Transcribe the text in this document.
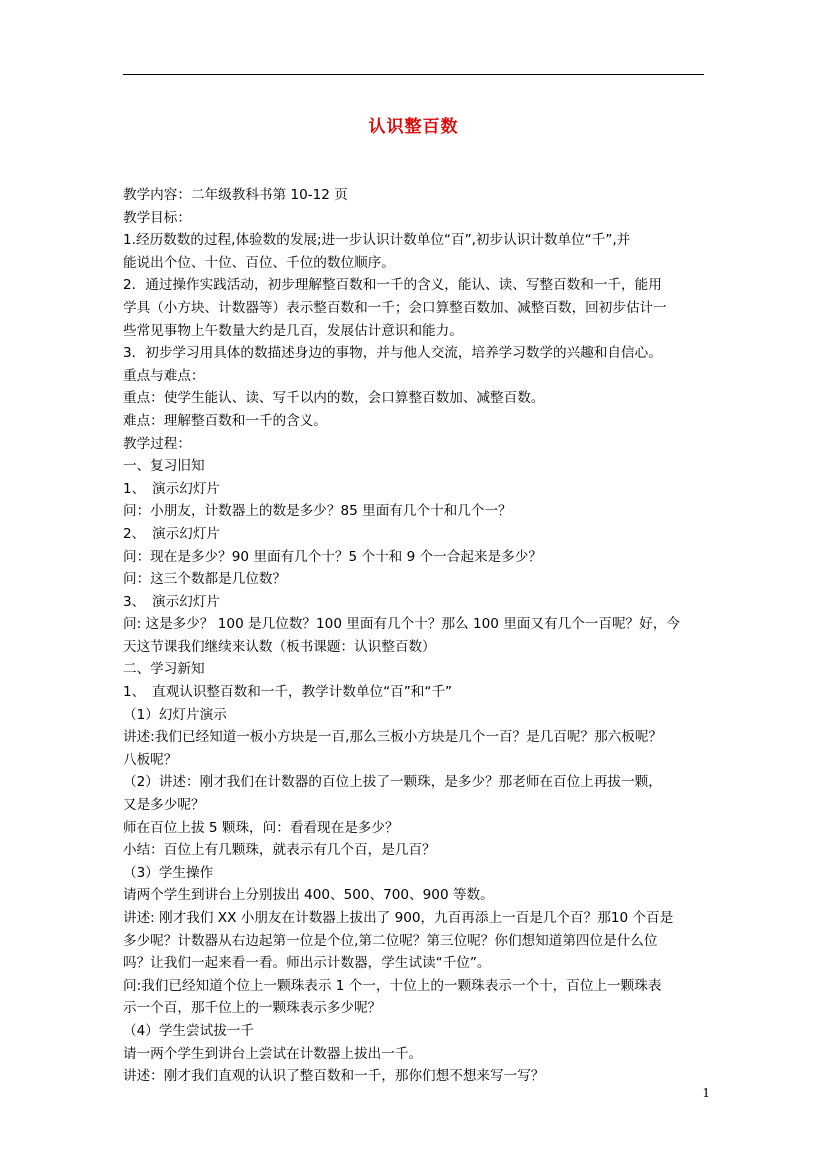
认识整百数

教学内容：二年级教科书第 10-12 页

教学目标：

1.经历数数的过程,体验数的发展;进一步认识计数单位“百”,初步认识计数单位“千”,并

能说出个位、十位、百位、千位的数位顺序。

2．通过操作实践活动，初步理解整百数和一千的含义，能认、读、写整百数和一千，能用

学具（小方块、计数器等）表示整百数和一千；会口算整百数加、减整百数，回初步估计一

些常见事物上午数量大约是几百，发展估计意识和能力。

3．初步学习用具体的数描述身边的事物，并与他人交流，培养学习数学的兴趣和自信心。

重点与难点：

重点：使学生能认、读、写千以内的数，会口算整百数加、减整百数。

难点：理解整百数和一千的含义。

教学过程：

一、复习旧知

1、　演示幻灯片

问：小朋友，计数器上的数是多少？85 里面有几个十和几个一？

2、　演示幻灯片

问：现在是多少？90 里面有几个十？5 个十和 9 个一合起来是多少？

问：这三个数都是几位数？

3、　演示幻灯片

问: 这是多少？ 100 是几位数？100 里面有几个十？那么 100 里面又有几个一百呢？好，今

天这节课我们继续来认数（板书课题：认识整百数）

二、学习新知

1、　直观认识整百数和一千，教学计数单位“百”和“千”

（1）幻灯片演示

讲述:我们已经知道一板小方块是一百,那么三板小方块是几个一百？是几百呢？那六板呢？

八板呢？

（2）讲述：刚才我们在计数器的百位上拔了一颗珠，是多少？那老师在百位上再拔一颗，

又是多少呢？

师在百位上拔 5 颗珠，问：看看现在是多少？

小结：百位上有几颗珠，就表示有几个百，是几百？

（3）学生操作

请两个学生到讲台上分别拔出 400、500、700、900 等数。

讲述: 刚才我们 XX 小朋友在计数器上拔出了 900，九百再添上一百是几个百？那10 个百是

多少呢？计数器从右边起第一位是个位,第二位呢？第三位呢？你们想知道第四位是什么位

吗？让我们一起来看一看。师出示计数器，学生试读“千位”。

问:我们已经知道个位上一颗珠表示 1 个一，十位上的一颗珠表示一个十，百位上一颗珠表

示一个百，那千位上的一颗珠表示多少呢？

（4）学生尝试拔一千

请一两个学生到讲台上尝试在计数器上拔出一千。

讲述：刚才我们直观的认识了整百数和一千，那你们想不想来写一写？

1
